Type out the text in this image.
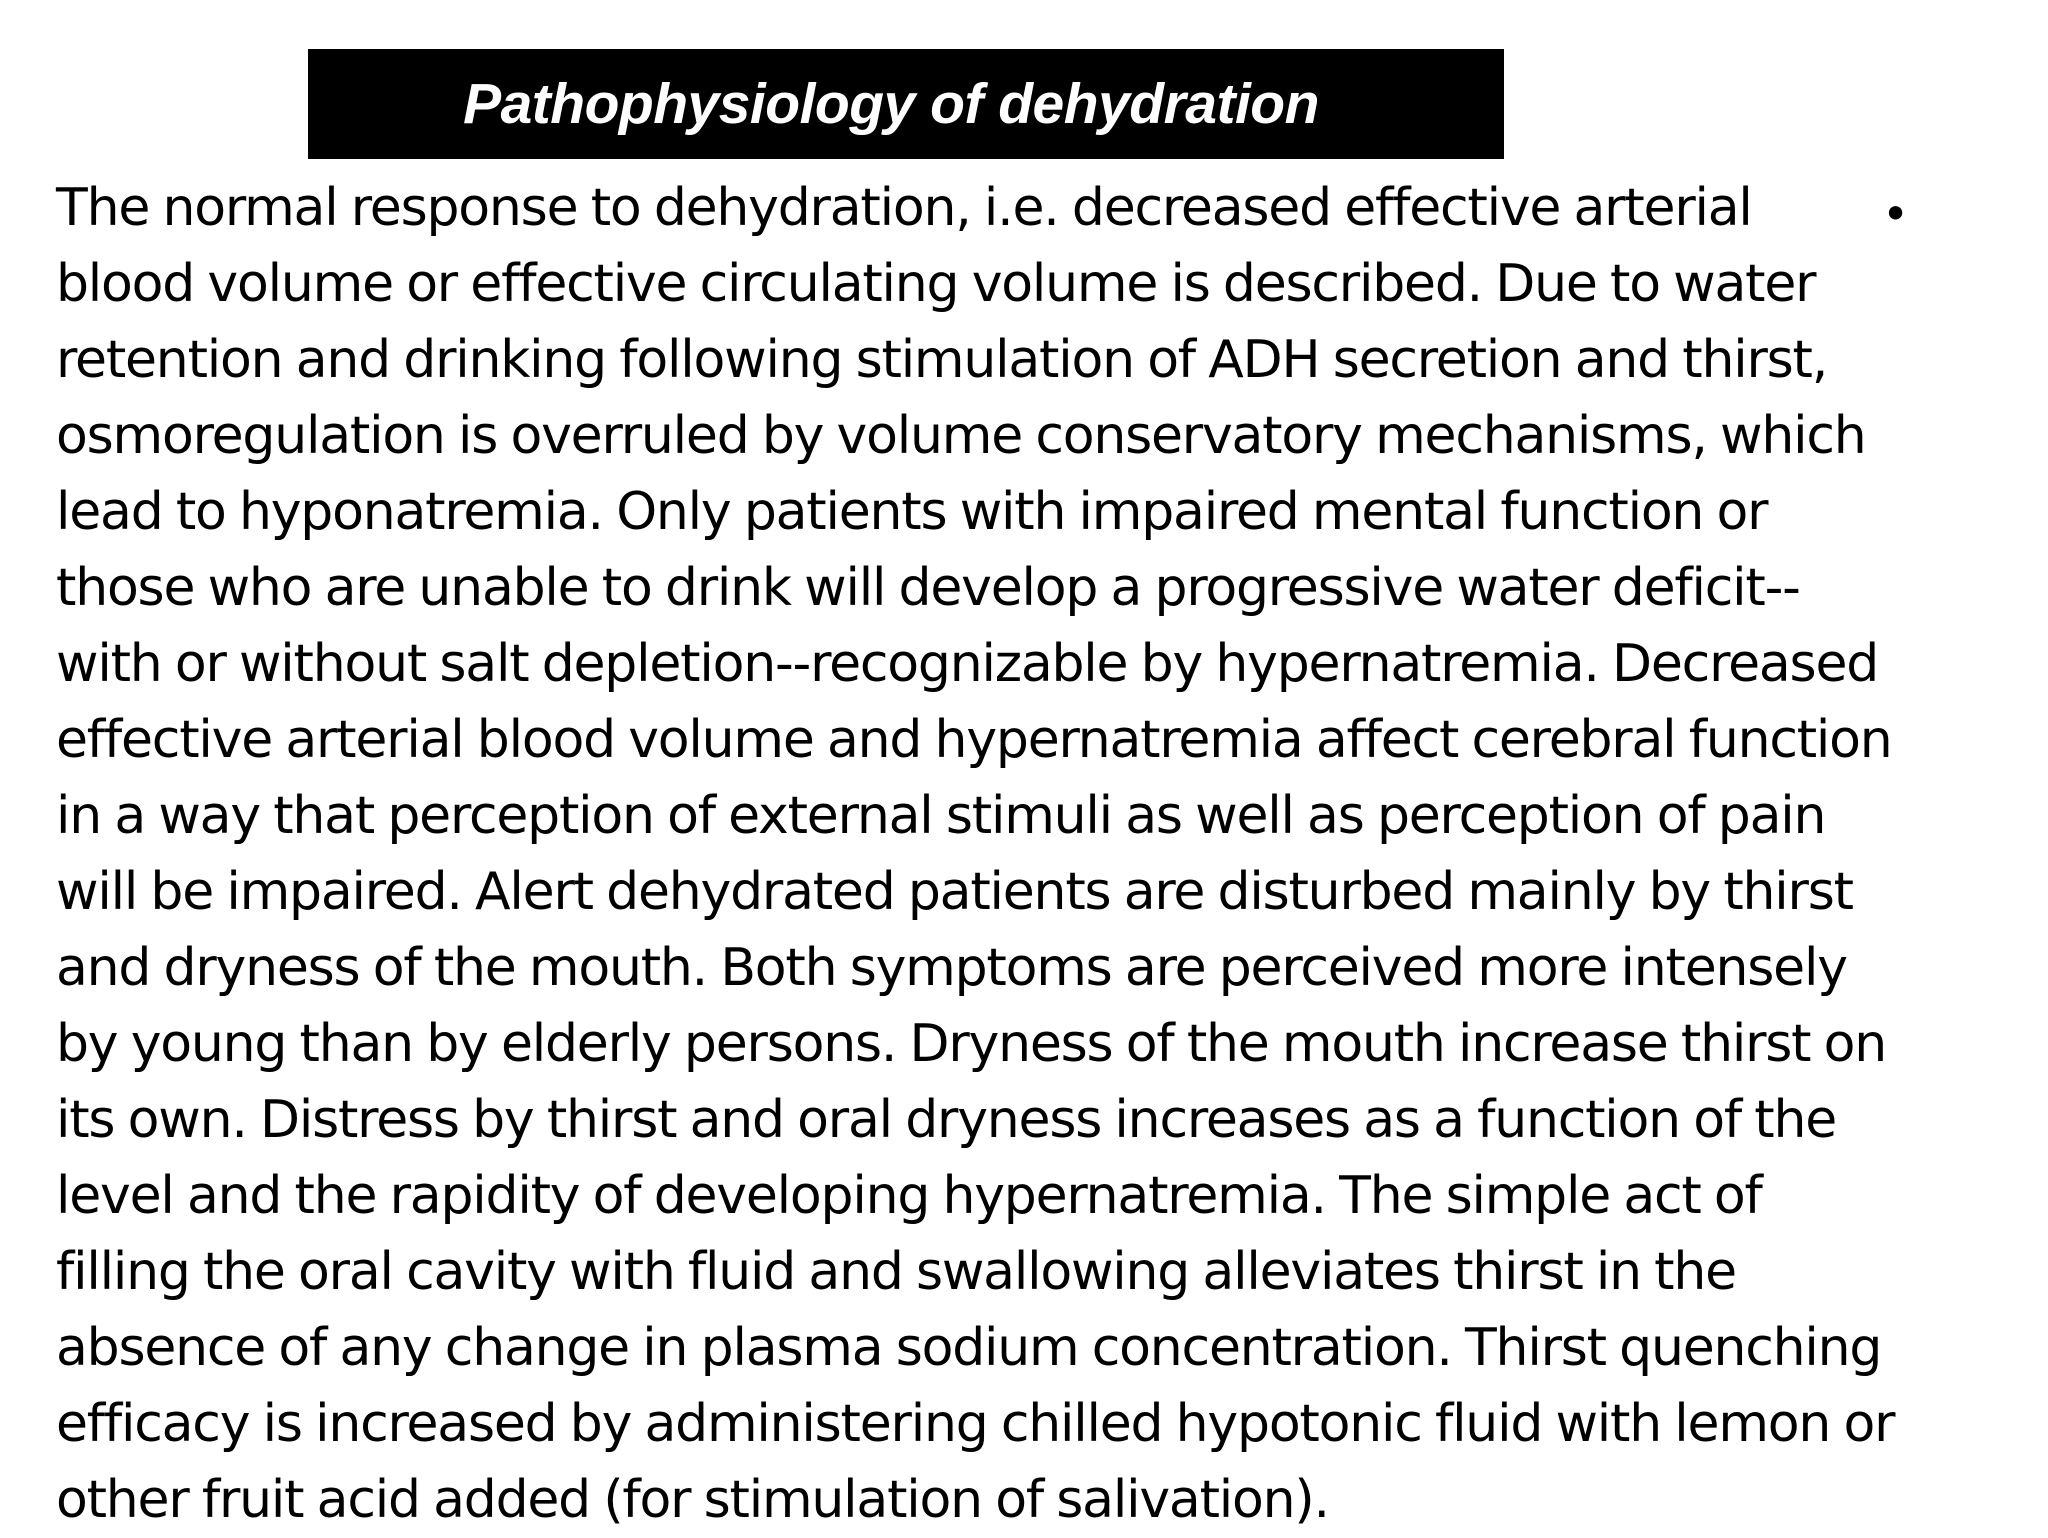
Pathophysiology of dehydration
•
The normal response to dehydration, i.e. decreased effective arterial
blood volume or effective circulating volume is described. Due to water
retention and drinking following stimulation of ADH secretion and thirst,
osmoregulation is overruled by volume conservatory mechanisms, which
lead to hyponatremia. Only patients with impaired mental function or
those who are unable to drink will develop a progressive water deficit--
with or without salt depletion--recognizable by hypernatremia. Decreased
effective arterial blood volume and hypernatremia affect cerebral function
in a way that perception of external stimuli as well as perception of pain
will be impaired. Alert dehydrated patients are disturbed mainly by thirst
and dryness of the mouth. Both symptoms are perceived more intensely
by young than by elderly persons. Dryness of the mouth increase thirst on
its own. Distress by thirst and oral dryness increases as a function of the
level and the rapidity of developing hypernatremia. The simple act of
filling the oral cavity with fluid and swallowing alleviates thirst in the
absence of any change in plasma sodium concentration. Thirst quenching
efficacy is increased by administering chilled hypotonic fluid with lemon or
other fruit acid added (for stimulation of salivation).
